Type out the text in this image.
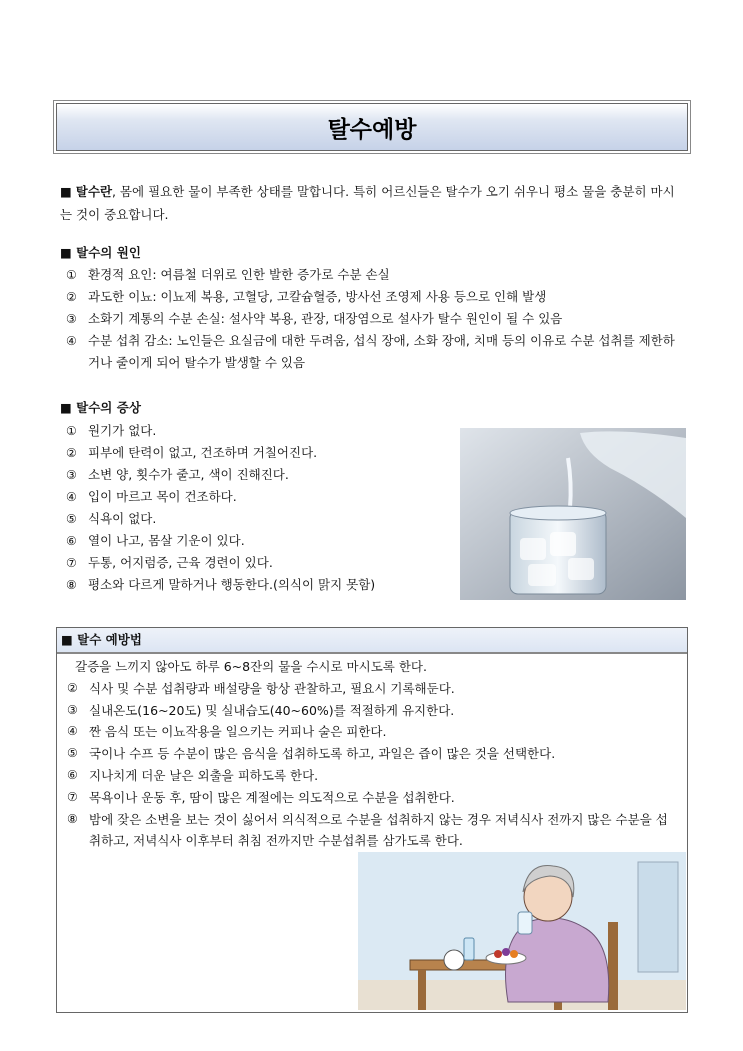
탈수예방
■ 탈수란, 몸에 필요한 물이 부족한 상태를 말합니다. 특히 어르신들은 탈수가 오기 쉬우니 평소 물을 충분히 마시는 것이 중요합니다.
■ 탈수의 원인
① 환경적 요인: 여름철 더위로 인한 발한 증가로 수분 손실
② 과도한 이뇨: 이뇨제 복용, 고혈당, 고칼슘혈증, 방사선 조영제 사용 등으로 인해 발생
③ 소화기 계통의 수분 손실: 설사약 복용, 관장, 대장염으로 설사가 탈수 원인이 될 수 있음
④ 수분 섭취 감소: 노인들은 요실금에 대한 두려움, 섭식 장애, 소화 장애, 치매 등의 이유로 수분 섭취를 제한하거나 줄이게 되어 탈수가 발생할 수 있음
■ 탈수의 증상
① 원기가 없다.
② 피부에 탄력이 없고, 건조하며 거칠어진다.
③ 소변 양, 횟수가 줄고, 색이 진해진다.
④ 입이 마르고 목이 건조하다.
⑤ 식욕이 없다.
⑥ 열이 나고, 몸살 기운이 있다.
⑦ 두통, 어지럼증, 근육 경련이 있다.
⑧ 평소와 다르게 말하거나 행동한다.(의식이 맑지 못함)
■ 탈수 예방법
갈증을 느끼지 않아도 하루 6~8잔의 물을 수시로 마시도록 한다.
② 식사 및 수분 섭취량과 배설량을 항상 관찰하고, 필요시 기록해둔다.
③ 실내온도(16~20도) 및 실내습도(40~60%)를 적절하게 유지한다.
④ 짠 음식 또는 이뇨작용을 일으키는 커피나 술은 피한다.
⑤ 국이나 수프 등 수분이 많은 음식을 섭취하도록 하고, 과일은 즙이 많은 것을 선택한다.
⑥ 지나치게 더운 날은 외출을 피하도록 한다.
⑦ 목욕이나 운동 후, 땀이 많은 계절에는 의도적으로 수분을 섭취한다.
⑧ 밤에 잦은 소변을 보는 것이 싫어서 의식적으로 수분을 섭취하지 않는 경우 저녁식사 전까지 많은 수분을 섭취하고, 저녁식사 이후부터 취침 전까지만 수분섭취를 삼가도록 한다.
